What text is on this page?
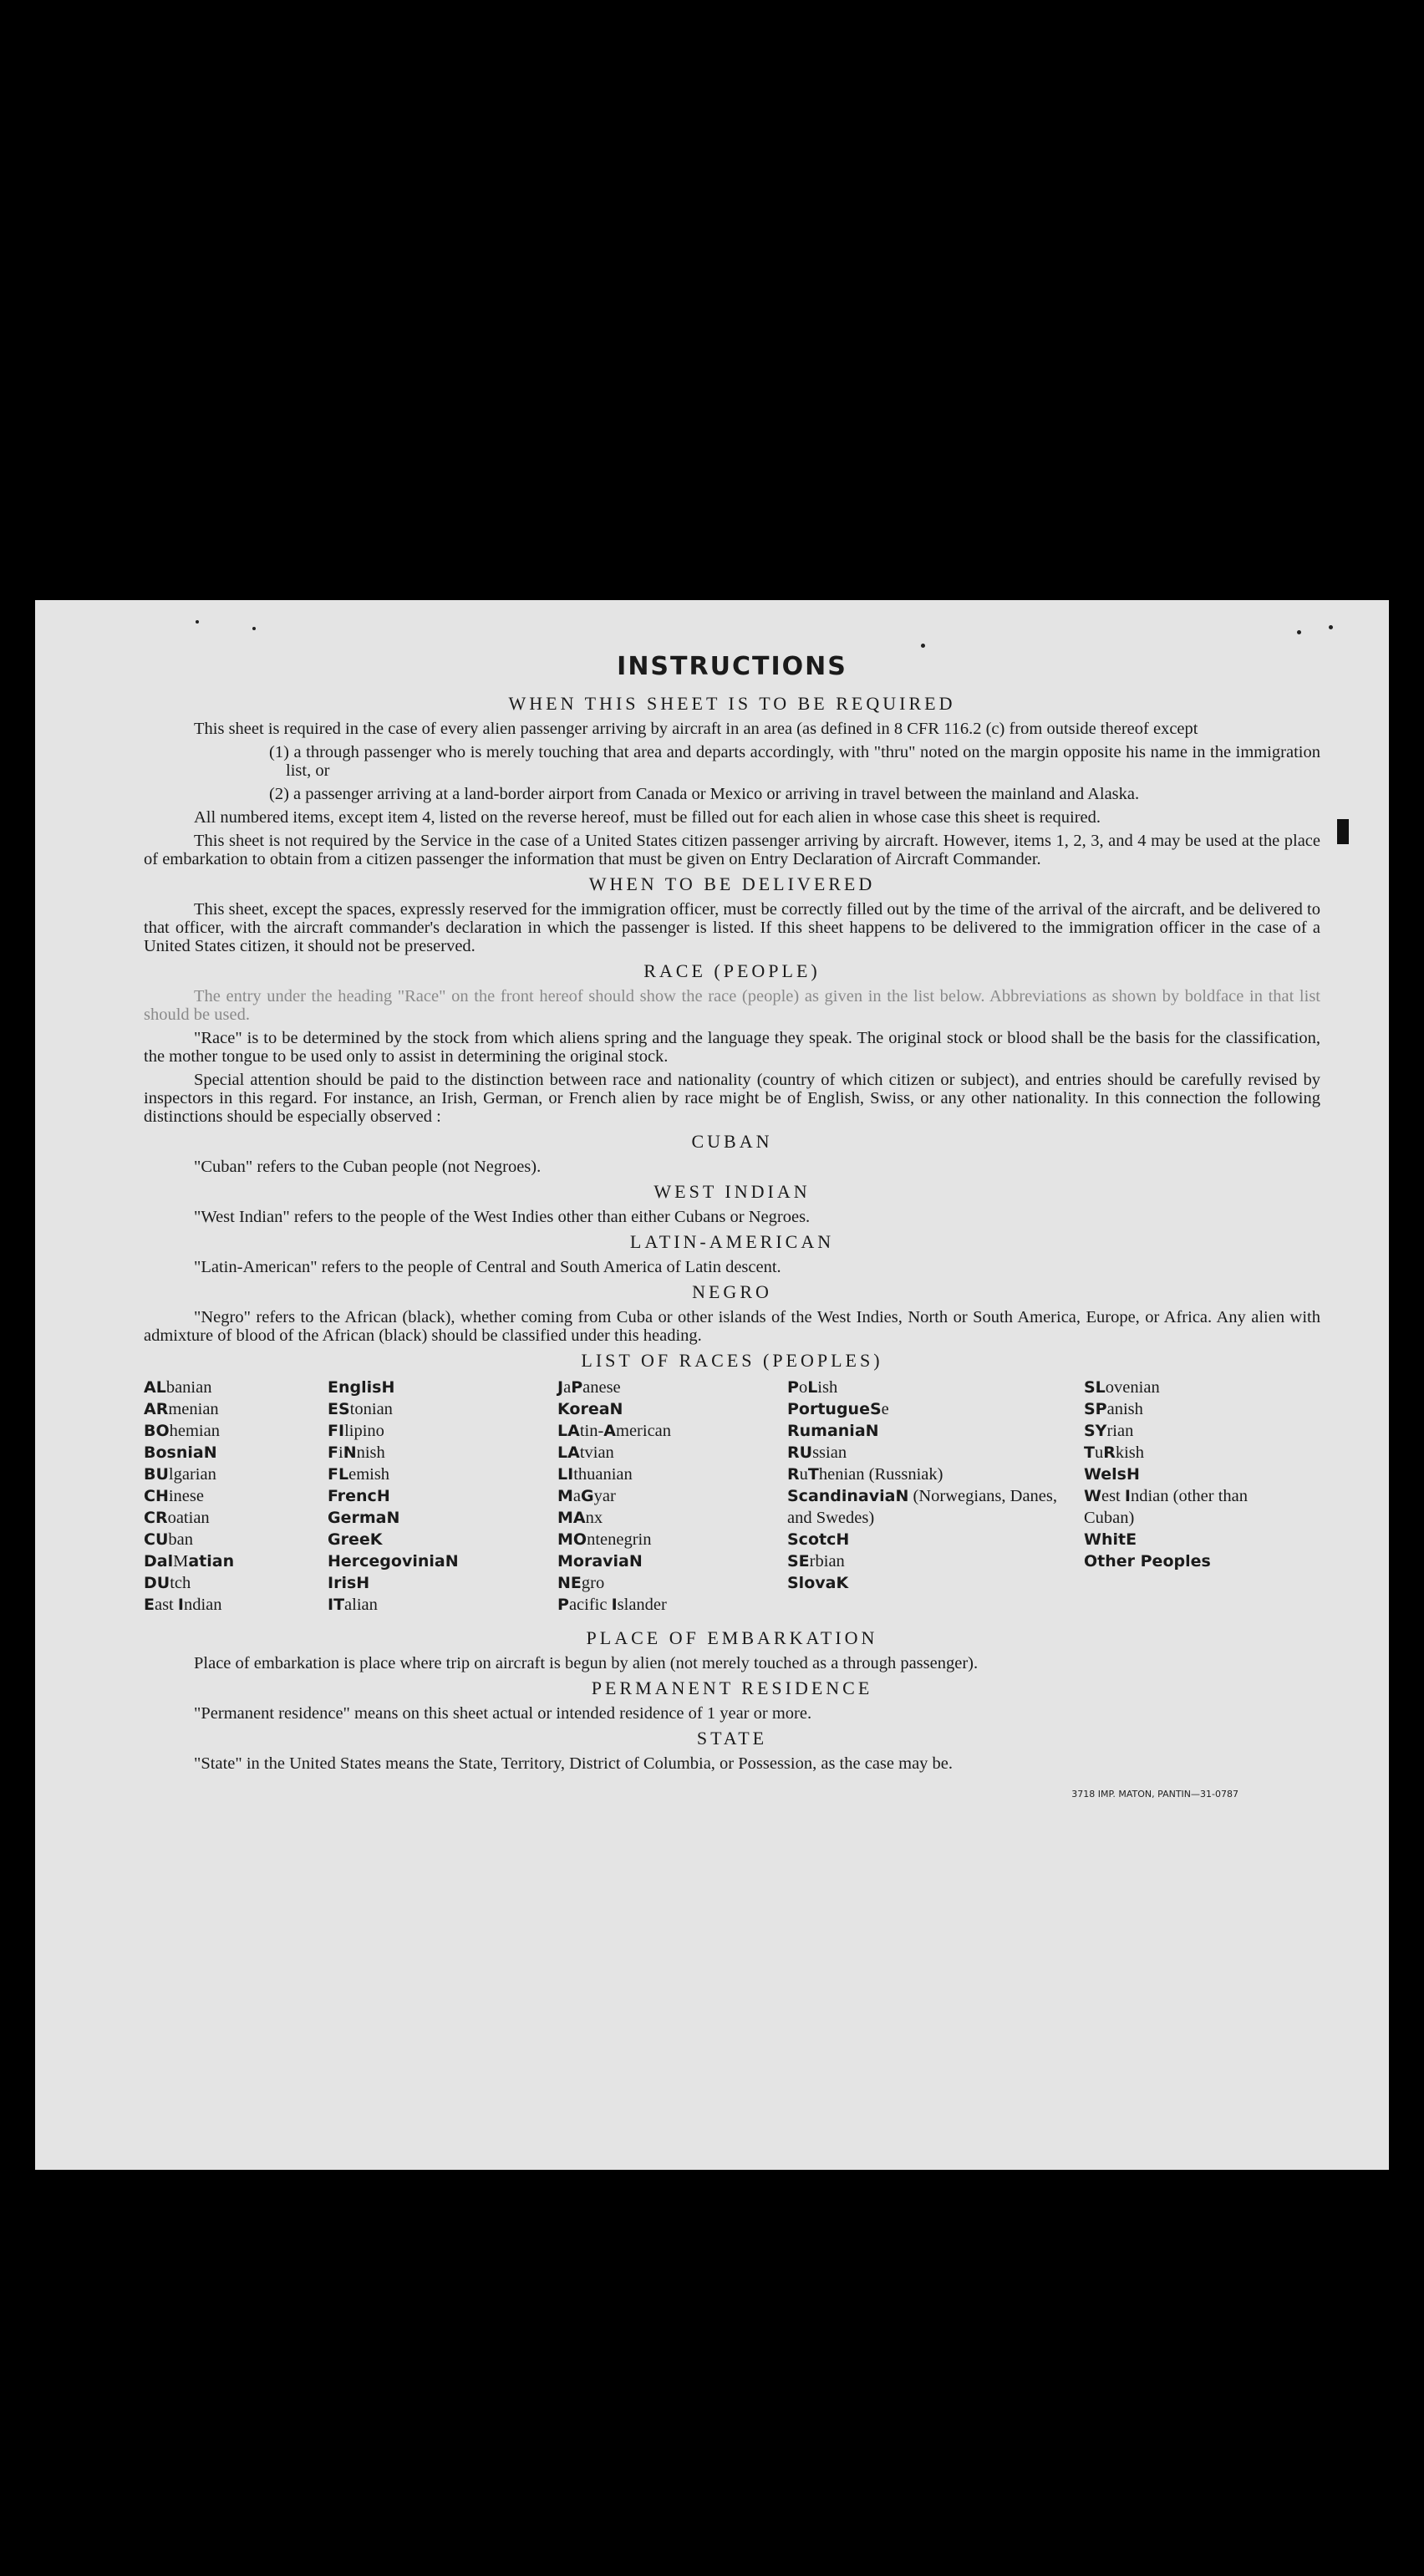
INSTRUCTIONS
WHEN THIS SHEET IS TO BE REQUIRED

This sheet is required in the case of every alien passenger arriving by aircraft in an area (as defined in 8 CFR 116.2 (c) from outside thereof except

(1) a through passenger who is merely touching that area and departs accordingly, with "thru" noted on the margin opposite his name in the immigration list, or
(2) a passenger arriving at a land-border airport from Canada or Mexico or arriving in travel between the mainland and Alaska.

All numbered items, except item 4, listed on the reverse hereof, must be filled out for each alien in whose case this sheet is required.

This sheet is not required by the Service in the case of a United States citizen passenger arriving by aircraft. However, items 1, 2, 3, and 4 may be used at the place of embarkation to obtain from a citizen passenger the information that must be given on Entry Declaration of Aircraft Commander.

WHEN TO BE DELIVERED

This sheet, except the spaces, expressly reserved for the immigration officer, must be correctly filled out by the time of the arrival of the aircraft, and be delivered to that officer, with the aircraft commander's declaration in which the passenger is listed. If this sheet happens to be delivered to the immigration officer in the case of a United States citizen, it should not be preserved.

RACE (PEOPLE)

The entry under the heading "Race" on the front hereof should show the race (people) as given in the list below. Abbreviations as shown by boldface in that list should be used.

"Race" is to be determined by the stock from which aliens spring and the language they speak. The original stock or blood shall be the basis for the classification, the mother tongue to be used only to assist in determining the original stock.

Special attention should be paid to the distinction between race and nationality (country of which citizen or subject), and entries should be carefully revised by inspectors in this regard. For instance, an Irish, German, or French alien by race might be of English, Swiss, or any other nationality. In this connection the following distinctions should be especially observed :

CUBAN

"Cuban" refers to the Cuban people (not Negroes).

WEST INDIAN

"West Indian" refers to the people of the West Indies other than either Cubans or Negroes.

LATIN-AMERICAN

"Latin-American" refers to the people of Central and South America of Latin descent.

NEGRO

"Negro" refers to the African (black), whether coming from Cuba or other islands of the West Indies, North or South America, Europe, or Africa. Any alien with admixture of blood of the African (black) should be classified under this heading.

LIST OF RACES (PEOPLES)
ALbanian
ARmenian
BOhemian
BosniaN
BUlgarian
CHinese
CRoatian
CUban
DalMatian
DUtch
East Indian
EnglisH
EStonian
FIlipino
FiNnish
FLemish
FrencH
GermaN
GreeK
HercegoviniaN
IrisH
ITalian
JaPanese
KoreaN
LAtin-American
LAtvian
LIthuanian
MaGyar
MAnx
MOntenegrin
MoraviaN
NEgro
Pacific Islander
PoLish
PortugueSe
RumaniaN
RUssian
RuThenian (Russniak)
ScandinaviaN (Norwegians, Danes, and Swedes)
ScotcH
SErbian
SlovaK
SLovenian
SPanish
SYrian
TuRkish
WelsH
West Indian (other than Cuban)
WhitE
Other Peoples
PLACE OF EMBARKATION

Place of embarkation is place where trip on aircraft is begun by alien (not merely touched as a through passenger).

PERMANENT RESIDENCE

"Permanent residence" means on this sheet actual or intended residence of 1 year or more.

STATE

"State" in the United States means the State, Territory, District of Columbia, or Possession, as the case may be.

3718 IMP. MATON, PANTIN—31-0787
